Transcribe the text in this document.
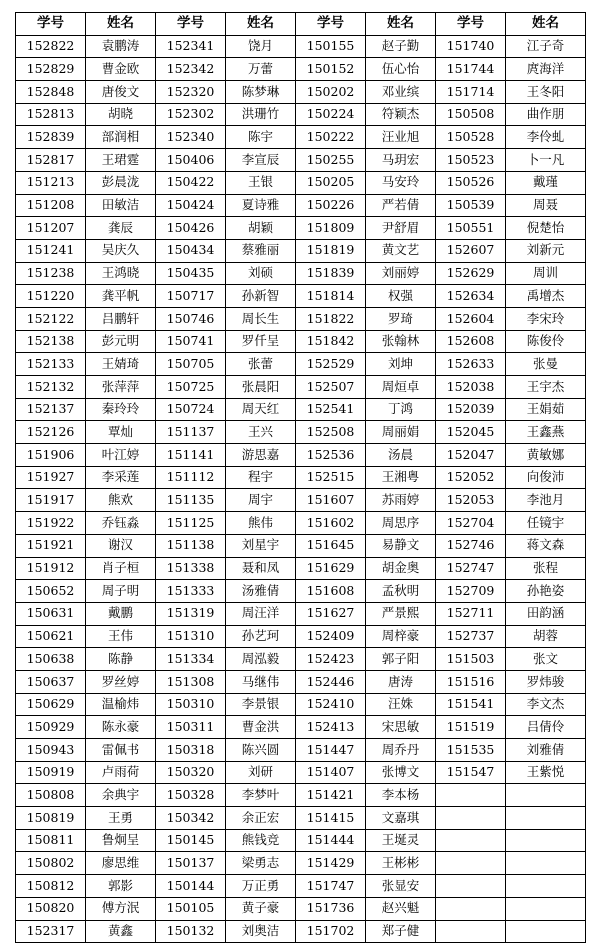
学号	姓名	学号	姓名	学号	姓名	学号	姓名
152822	袁鹏涛	152341	饶月	150155	赵子勤	151740	江子奇
152829	曹金欧	152342	万蕾	150152	伍心怡	151744	庹海洋
152848	唐俊文	152320	陈梦琳	150202	邓业缤	151714	王冬阳
152813	胡晓	152302	洪珊竹	150224	符颖杰	150508	曲作朋
152839	部润相	152340	陈宇	150222	汪业旭	150528	李伶虬
152817	王珺霆	150406	李宣辰	150255	马玥宏	150523	卜一凡
151213	彭晨泷	150422	王银	150205	马安玲	150526	戴瑾
151208	田敏洁	150424	夏诗雅	150226	严若倩	150539	周聂
151207	龚辰	150426	胡颖	151809	尹舒眉	150551	倪楚怡
151241	吴庆久	150434	蔡雅丽	151819	黄文艺	152607	刘新元
151238	王鸿晓	150435	刘硕	151839	刘丽婷	152629	周训
151220	龚平帆	150717	孙新智	151814	权强	152634	禹增杰
152122	吕鹏轩	150746	周长生	151822	罗琦	152604	李宋玲
152138	彭元明	150741	罗仟呈	151842	张翰林	152608	陈俊伶
152133	王婧琦	150705	张蕾	152529	刘坤	152633	张曼
152132	张萍萍	150725	张晨阳	152507	周烜卓	152038	王宇杰
152137	秦玲玲	150724	周天红	152541	丁鸿	152039	王娟茹
152126	覃灿	151137	王兴	152508	周丽娟	152045	王鑫燕
151906	叶江婷	151141	游思嘉	152536	汤晨	152047	黄敏娜
151927	李采莲	151112	程宇	152515	王湘粤	152052	向俊沛
151917	熊欢	151135	周宇	151607	苏雨婷	152053	李池月
151922	乔钰淼	151125	熊伟	151602	周思序	152704	任镜宇
151921	谢汉	151138	刘星宇	151645	易静文	152746	蒋文森
151912	肖子桓	151338	聂和凤	151629	胡金奥	152747	张程
150652	周子明	151333	汤雅倩	151608	孟秋明	152709	孙艳姿
150631	戴鹏	151319	周汪洋	151627	严景熙	152711	田韵涵
150621	王伟	151310	孙艺珂	152409	周梓豪	152737	胡蓉
150638	陈静	151334	周泓毅	152423	郭子阳	151503	张文
150637	罗丝婷	151308	马继伟	152446	唐涛	151516	罗炜骏
150629	温榆炜	150310	李景银	152410	汪姝	151541	李文杰
150929	陈永豪	150311	曹金洪	152413	宋思敏	151519	吕倩伶
150943	雷佩书	150318	陈兴圆	151447	周乔丹	151535	刘雅倩
150919	卢雨荷	150320	刘研	151407	张博文	151547	王紫悦
150808	余典宇	150328	李梦叶	151421	李本杨		
150819	王勇	150342	余正宏	151415	文嘉琪		
150811	鲁炯呈	150145	熊钱竞	151444	王埏灵		
150802	廖思维	150137	梁勇志	151429	王彬彬		
150812	郭影	150144	万正勇	151747	张显安		
150820	傅方泯	150105	黄子豪	151736	赵兴魁		
152317	黄鑫	150132	刘奥洁	151702	郑子健		
